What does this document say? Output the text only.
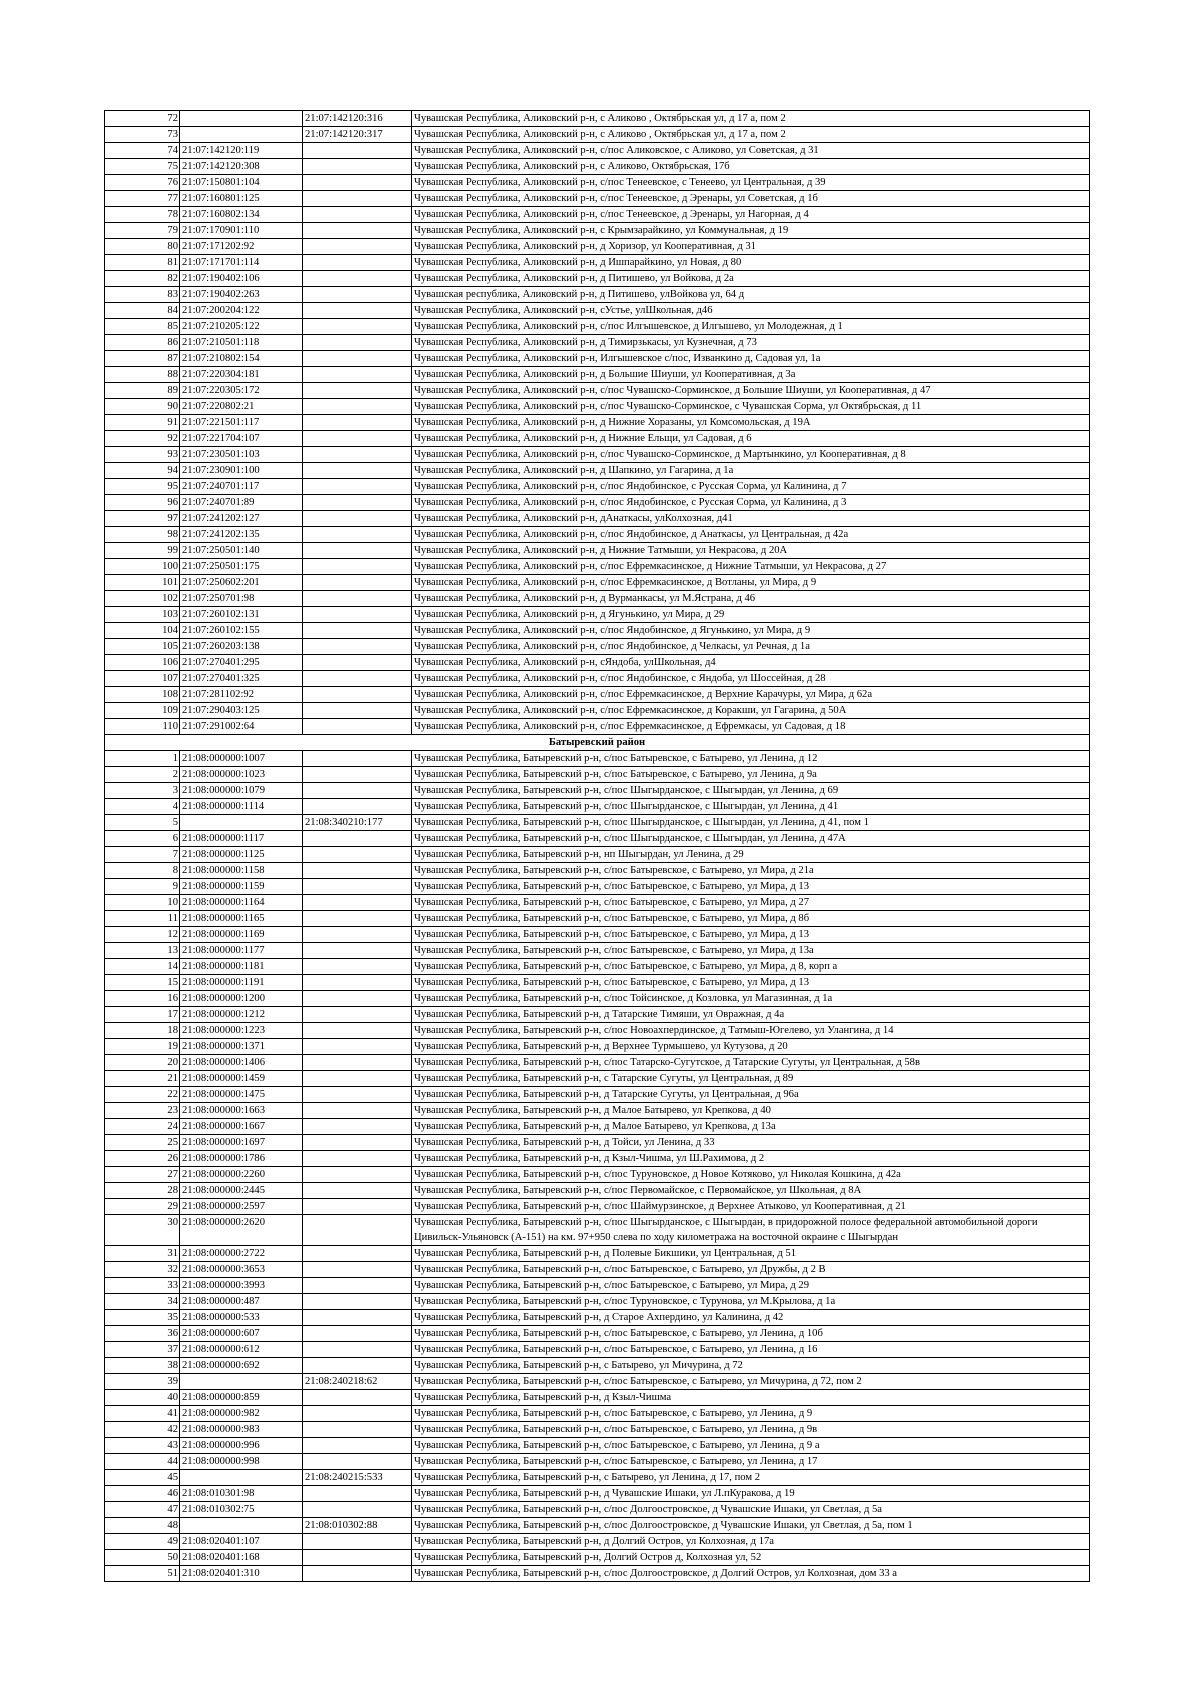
72		21:07:142120:316	Чувашская Республика, Аликовский р-н, с Аликово , Октябрьская ул, д 17 а, пом 2
73		21:07:142120:317	Чувашская Республика, Аликовский р-н, с Аликово , Октябрьская ул, д 17 а, пом 2
74	21:07:142120:119		Чувашская Республика, Аликовский р-н, с/пос Аликовское, с Аликово, ул Советская, д 31
75	21:07:142120:308		Чувашская Республика, Аликовский р-н, с Аликово, Октябрьская, 17б
76	21:07:150801:104		Чувашская Республика, Аликовский р-н, с/пос Тенеевское, с Тенеево, ул Центральная, д 39
77	21:07:160801:125		Чувашская Республика, Аликовский р-н, с/пос Тенеевское, д Эренары, ул Советская, д 1б
78	21:07:160802:134		Чувашская Республика, Аликовский р-н, с/пос Тенеевское, д Эренары, ул Нагорная, д 4
79	21:07:170901:110		Чувашская Республика, Аликовский р-н, с Крымзарайкино, ул Коммунальная, д 19
80	21:07:171202:92		Чувашская Республика, Аликовский р-н, д Хоризор, ул Кооперативная, д 31
81	21:07:171701:114		Чувашская Республика, Аликовский р-н, д Ишпарайкино, ул Новая, д 80
82	21:07:190402:106		Чувашская Республика, Аликовский р-н, д Питишево, ул Войкова, д 2а
83	21:07:190402:263		Чувашская республика, Аликовский р-н, д Питишево, улВойкова ул, 64 д
84	21:07:200204:122		Чувашская Республика, Аликовский р-н, сУстье, улШкольная, д46
85	21:07:210205:122		Чувашская Республика, Аликовский р-н, с/пос Илгышевское, д Илгышево, ул Молодежная, д 1
86	21:07:210501:118		Чувашская Республика, Аликовский р-н, д Тимирзькасы, ул Кузнечная, д 73
87	21:07:210802:154		Чувашская Республика, Аликовский р-н, Илгышевское с/пос, Изванкино д, Садовая ул, 1а
88	21:07:220304:181		Чувашская Республика, Аликовский р-н, д Большие Шиуши, ул Кооперативная, д 3а
89	21:07:220305:172		Чувашская Республика, Аликовский р-н, с/пос Чувашско-Сорминское, д Большие Шиуши, ул Кооперативная, д 47
90	21:07:220802:21		Чувашская Республика, Аликовский р-н, с/пос Чувашско-Сорминское, с Чувашская Сорма, ул Октябрьская, д 11
91	21:07:221501:117		Чувашская Республика, Аликовский р-н, д Нижние Хоразаны, ул Комсомольская, д 19А
92	21:07:221704:107		Чувашская Республика, Аликовский р-н, д Нижние Ельщи, ул Садовая, д 6
93	21:07:230501:103		Чувашская Республика, Аликовский р-н, с/пос Чувашско-Сорминское, д Мартынкино, ул Кооперативная, д 8
94	21:07:230901:100		Чувашская Республика, Аликовский р-н, д Шапкино, ул Гагарина, д 1а
95	21:07:240701:117		Чувашская Республика, Аликовский р-н, с/пос Яндобинское, с Русская Сорма, ул Калинина, д 7
96	21:07:240701:89		Чувашская Республика, Аликовский р-н, с/пос Яндобинское, с Русская Сорма, ул Калинина, д 3
97	21:07:241202:127		Чувашская Республика, Аликовский р-н, дАнаткасы, улКолхозная, д41
98	21:07:241202:135		Чувашская Республика, Аликовский р-н, с/пос Яндобинское, д Анаткасы, ул Центральная, д 42а
99	21:07:250501:140		Чувашская Республика, Аликовский р-н, д Нижние Татмыши, ул Некрасова, д 20А
100	21:07:250501:175		Чувашская Республика, Аликовский р-н, с/пос Ефремкасинское, д Нижние Татмыши, ул Некрасова, д 27
101	21:07:250602:201		Чувашская Республика, Аликовский р-н, с/пос Ефремкасинское, д Вотланы, ул Мира, д 9
102	21:07:250701:98		Чувашская Республика, Аликовский р-н, д Вурманкасы, ул М.Ястрана, д 46
103	21:07:260102:131		Чувашская Республика, Аликовский р-н, д Ягунькино, ул Мира, д 29
104	21:07:260102:155		Чувашская Республика, Аликовский р-н, с/пос Яндобинское, д Ягунькино, ул Мира, д 9
105	21:07:260203:138		Чувашская Республика, Аликовский р-н, с/пос Яндобинское, д Челкасы, ул Речная, д 1а
106	21:07:270401:295		Чувашская Республика, Аликовский р-н, сЯндоба, улШкольная, д4
107	21:07:270401:325		Чувашская Республика, Аликовский р-н, с/пос Яндобинское, с Яндоба, ул Шоссейная, д 28
108	21:07:281102:92		Чувашская Республика, Аликовский р-н, с/пос Ефремкасинское, д Верхние Карачуры, ул Мира, д 62а
109	21:07:290403:125		Чувашская Республика, Аликовский р-н, с/пос Ефремкасинское, д Коракши, ул Гагарина, д 50А
110	21:07:291002:64		Чувашская Республика, Аликовский р-н, с/пос Ефремкасинское, д Ефремкасы, ул Садовая, д 18
Батыревский район			
1	21:08:000000:1007		Чувашская Республика, Батыревский р-н, с/пос Батыревское, с Батырево, ул Ленина, д 12
2	21:08:000000:1023		Чувашская Республика, Батыревский р-н, с/пос Батыревское, с Батырево, ул Ленина, д 9а
3	21:08:000000:1079		Чувашская Республика, Батыревский р-н, с/пос Шыгырданское, с Шыгырдан, ул Ленина, д 69
4	21:08:000000:1114		Чувашская Республика, Батыревский р-н, с/пос Шыгырданское, с Шыгырдан, ул Ленина, д 41
5		21:08:340210:177	Чувашская Республика, Батыревский р-н, с/пос Шыгырданское, с Шыгырдан, ул Ленина, д 41, пом 1
6	21:08:000000:1117		Чувашская Республика, Батыревский р-н, с/пос Шыгырданское, с Шыгырдан, ул Ленина, д 47А
7	21:08:000000:1125		Чувашская Республика, Батыревский р-н, нп Шыгырдан, ул Ленина, д 29
8	21:08:000000:1158		Чувашская Республика, Батыревский р-н, с/пос Батыревское, с Батырево, ул Мира, д 21а
9	21:08:000000:1159		Чувашская Республика, Батыревский р-н, с/пос Батыревское, с Батырево, ул Мира, д 13
10	21:08:000000:1164		Чувашская Республика, Батыревский р-н, с/пос Батыревское, с Батырево, ул Мира, д 27
11	21:08:000000:1165		Чувашская Республика, Батыревский р-н, с/пос Батыревское, с Батырево, ул Мира, д 8б
12	21:08:000000:1169		Чувашская Республика, Батыревский р-н, с/пос Батыревское, с Батырево, ул Мира, д 13
13	21:08:000000:1177		Чувашская Республика, Батыревский р-н, с/пос Батыревское, с Батырево, ул Мира, д 13а
14	21:08:000000:1181		Чувашская Республика, Батыревский р-н, с/пос Батыревское, с Батырево, ул Мира, д 8, корп а
15	21:08:000000:1191		Чувашская Республика, Батыревский р-н, с/пос Батыревское, с Батырево, ул Мира, д 13
16	21:08:000000:1200		Чувашская Республика, Батыревский р-н, с/пос Тойсинское, д Козловка, ул Магазинная, д 1а
17	21:08:000000:1212		Чувашская Республика, Батыревский р-н, д Татарские Тимяши, ул Овражная, д 4а
18	21:08:000000:1223		Чувашская Республика, Батыревский р-н, с/пос Новоахпердинское, д Татмыш-Югелево, ул Улангина, д 14
19	21:08:000000:1371		Чувашская Республика, Батыревский р-н, д Верхнее Турмышево, ул Кутузова, д 20
20	21:08:000000:1406		Чувашская Республика, Батыревский р-н, с/пос Татарско-Сугутское, д Татарские Сугуты, ул Центральная, д 58в
21	21:08:000000:1459		Чувашская Республика, Батыревский р-н, с Татарские Сугуты, ул Центральная, д 89
22	21:08:000000:1475		Чувашская Республика, Батыревский р-н, д Татарские Сугуты, ул Центральная, д 96а
23	21:08:000000:1663		Чувашская Республика, Батыревский р-н, д Малое Батырево, ул Крепкова, д 40
24	21:08:000000:1667		Чувашская Республика, Батыревский р-н, д Малое Батырево, ул Крепкова, д 13а
25	21:08:000000:1697		Чувашская Республика, Батыревский р-н, д Тойси, ул Ленина, д 33
26	21:08:000000:1786		Чувашская Республика, Батыревский р-н, д Кзыл-Чишма, ул Ш.Рахимова, д 2
27	21:08:000000:2260		Чувашская Республика, Батыревский р-н, с/пос Туруновское, д Новое Котяково, ул Николая Кошкина, д 42а
28	21:08:000000:2445		Чувашская Республика, Батыревский р-н, с/пос Первомайское, с Первомайское, ул Школьная, д 8А
29	21:08:000000:2597		Чувашская Республика, Батыревский р-н, с/пос Шаймурзинское, д Верхнее Атыково, ул Кооперативная, д 21
30	21:08:000000:2620		Чувашская Республика, Батыревский р-н, с/пос Шыгырданское, с Шыгырдан, в придорожной полосе федеральной автомобильной дороги Цивильск-Ульяновск (А-151) на км. 97+950 слева по ходу километража на восточной окраине с Шыгырдан
31	21:08:000000:2722		Чувашская Республика, Батыревский р-н, д Полевые Бикшики, ул Центральная, д 51
32	21:08:000000:3653		Чувашская Республика, Батыревский р-н, с/пос Батыревское, с Батырево, ул Дружбы, д 2 В
33	21:08:000000:3993		Чувашская Республика, Батыревский р-н, с/пос Батыревское, с Батырево, ул Мира, д 29
34	21:08:000000:487		Чувашская Республика, Батыревский р-н, с/пос Туруновское, с Турунова, ул М.Крылова, д 1а
35	21:08:000000:533		Чувашская Республика, Батыревский р-н, д Старое Ахпердино, ул Калинина, д 42
36	21:08:000000:607		Чувашская Республика, Батыревский р-н, с/пос Батыревское, с Батырево, ул Ленина, д 10б
37	21:08:000000:612		Чувашская Республика, Батыревский р-н, с/пос Батыревское, с Батырево, ул Ленина, д 16
38	21:08:000000:692		Чувашская Республика, Батыревский р-н, с Батырево, ул Мичурина, д 72
39		21:08:240218:62	Чувашская Республика, Батыревский р-н, с/пос Батыревское, с Батырево, ул Мичурина, д 72, пом 2
40	21:08:000000:859		Чувашская Республика, Батыревский р-н, д Кзыл-Чишма
41	21:08:000000:982		Чувашская Республика, Батыревский р-н, с/пос Батыревское, с Батырево, ул Ленина, д 9
42	21:08:000000:983		Чувашская Республика, Батыревский р-н, с/пос Батыревское, с Батырево, ул Ленина, д 9в
43	21:08:000000:996		Чувашская Республика, Батыревский р-н, с/пос Батыревское, с Батырево, ул Ленина, д 9 а
44	21:08:000000:998		Чувашская Республика, Батыревский р-н, с/пос Батыревское, с Батырево, ул Ленина, д 17
45		21:08:240215:533	Чувашская Республика, Батыревский р-н, с Батырево, ул Ленина, д 17, пом 2
46	21:08:010301:98		Чувашская Республика, Батыревский р-н, д Чувашские Ишаки, ул Л.пКуракова, д 19
47	21:08:010302:75		Чувашская Республика, Батыревский р-н, с/пос Долгоостровское, д Чувашские Ишаки, ул Светлая, д 5а
48		21:08:010302:88	Чувашская Республика, Батыревский р-н, с/пос Долгоостровское, д Чувашские Ишаки, ул Светлая, д 5а, пом 1
49	21:08:020401:107		Чувашская Республика, Батыревский р-н, д Долгий Остров, ул Колхозная, д 17а
50	21:08:020401:168		Чувашская Республика, Батыревский р-н, Долгий Остров д, Колхозная ул, 52
51	21:08:020401:310		Чувашская Республика, Батыревский р-н, с/пос Долгоостровское, д Долгий Остров, ул Колхозная, дом 33 а
